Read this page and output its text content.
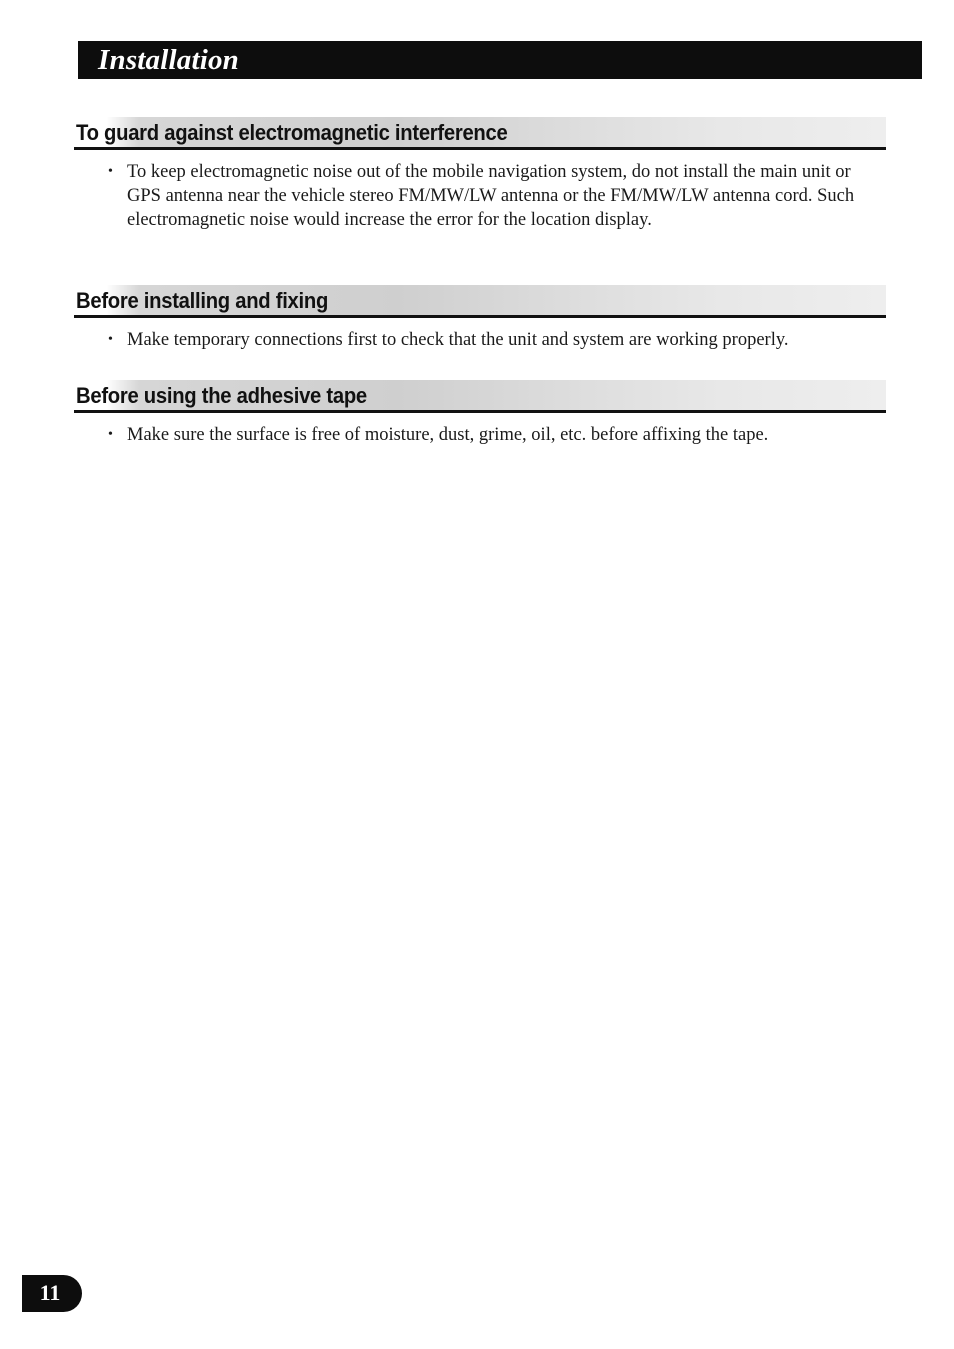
Installation
To guard against electromagnetic interference
• To keep electromagnetic noise out of the mobile navigation system, do not install the main unit or GPS antenna near the vehicle stereo FM/MW/LW antenna or the FM/MW/LW antenna cord. Such electromagnetic noise would increase the error for the location display.
Before installing and fixing
• Make temporary connections first to check that the unit and system are working properly.
Before using the adhesive tape
• Make sure the surface is free of moisture, dust, grime, oil, etc. before affixing the tape.
11
